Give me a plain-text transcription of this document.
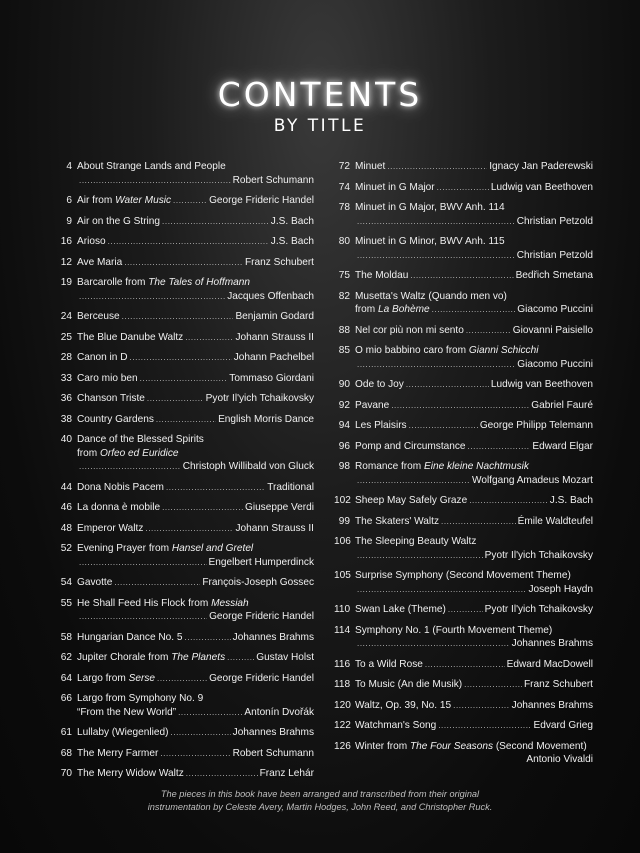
CONTENTS
BY TITLE
4 About Strange Lands and People
.....
Robert Schumann
6 Air from Water Music .....	George Frideric Handel
9 Air on the G String .....	J.S. Bach
16 Arioso .....	J.S. Bach
12 Ave Maria .....	Franz Schubert
19 Barcarolle from The Tales of Hoffmann
.....
Jacques Offenbach
24 Berceuse .....	Benjamin Godard
25 The Blue Danube Waltz .....	Johann Strauss II
28 Canon in D .....	Johann Pachelbel
33 Caro mio ben .....	Tommaso Giordani
36 Chanson Triste .....	Pyotr Il'yich Tchaikovsky
38 Country Gardens .....	English Morris Dance
40 Dance of the Blessed Spirits
from Orfeo ed Euridice
.....
Christoph Willibald von Gluck
44 Dona Nobis Pacem .....	Traditional
46 La donna è mobile .....	Giuseppe Verdi
48 Emperor Waltz .....	Johann Strauss II
52 Evening Prayer from Hansel and Gretel
.....
Engelbert Humperdinck
54 Gavotte .....	François-Joseph Gossec
55 He Shall Feed His Flock from Messiah
.....
George Frideric Handel
58 Hungarian Dance No. 5 .....	Johannes Brahms
62 Jupiter Chorale from The Planets .....	Gustav Holst
64 Largo from Serse .....	George Frideric Handel
66 Largo from Symphony No. 9
“From the New World” .....	Antonín Dvořák
61 Lullaby (Wiegenlied) .....	Johannes Brahms
68 The Merry Farmer .....	Robert Schumann
70 The Merry Widow Waltz .....	Franz Lehár
72 Minuet .....	Ignacy Jan Paderewski
74 Minuet in G Major .....	Ludwig van Beethoven
78 Minuet in G Major, BWV Anh. 114
.....
Christian Petzold
80 Minuet in G Minor, BWV Anh. 115
.....
Christian Petzold
75 The Moldau .....	Bedřich Smetana
82 Musetta's Waltz (Quando men vo)
from La Bohème .....	Giacomo Puccini
88 Nel cor più non mi sento .....	Giovanni Paisiello
85 O mio babbino caro from Gianni Schicchi
.....
Giacomo Puccini
90 Ode to Joy .....	Ludwig van Beethoven
92 Pavane .....	Gabriel Fauré
94 Les Plaisirs .....	George Philipp Telemann
96 Pomp and Circumstance .....	Edward Elgar
98 Romance from Eine kleine Nachtmusik
.....
Wolfgang Amadeus Mozart
102 Sheep May Safely Graze .....	J.S. Bach
99 The Skaters' Waltz .....	Émile Waldteufel
106 The Sleeping Beauty Waltz
.....
Pyotr Il'yich Tchaikovsky
105 Surprise Symphony (Second Movement Theme)
.....
Joseph Haydn
110 Swan Lake (Theme) .....	Pyotr Il'yich Tchaikovsky
114 Symphony No. 1 (Fourth Movement Theme)
.....
Johannes Brahms
116 To a Wild Rose .....	Edward MacDowell
118 To Music (An die Musik) .....	Franz Schubert
120 Waltz, Op. 39, No. 15 .....	Johannes Brahms
122 Watchman's Song .....	Edvard Grieg
126 Winter from The Four Seasons (Second Movement)
Antonio Vivaldi
The pieces in this book have been arranged and transcribed from their original
instrumentation by Celeste Avery, Martin Hodges, John Reed, and Christopher Ruck.
